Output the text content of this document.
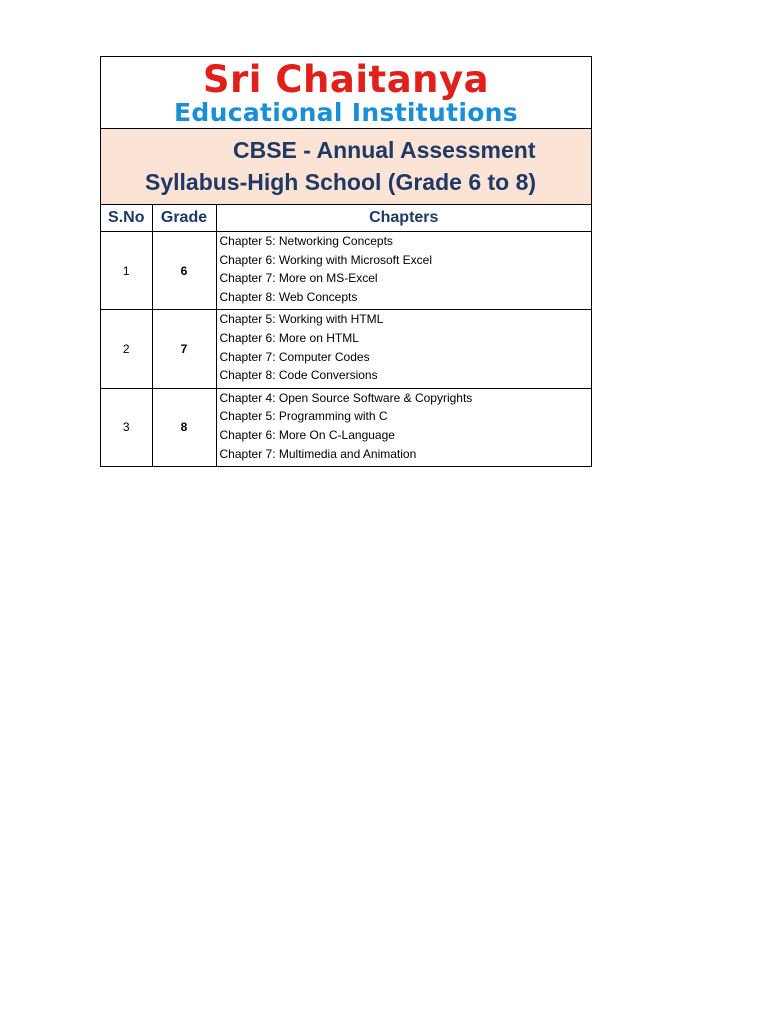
Sri Chaitanya
Educational Institutions
CBSE - Annual Assessment
Syllabus-High School (Grade 6 to 8)
S.No	Grade	Chapters
1	6	Chapter 5: Networking Concepts
Chapter 6: Working with Microsoft Excel
Chapter 7: More on MS-Excel
Chapter 8: Web Concepts

2	7	Chapter 5: Working with HTML
Chapter 6: More on HTML
Chapter 7: Computer Codes
Chapter 8: Code Conversions

3	8	Chapter 4: Open Source Software & Copyrights
Chapter 5: Programming with C
Chapter 6: More On C-Language
Chapter 7: Multimedia and Animation
